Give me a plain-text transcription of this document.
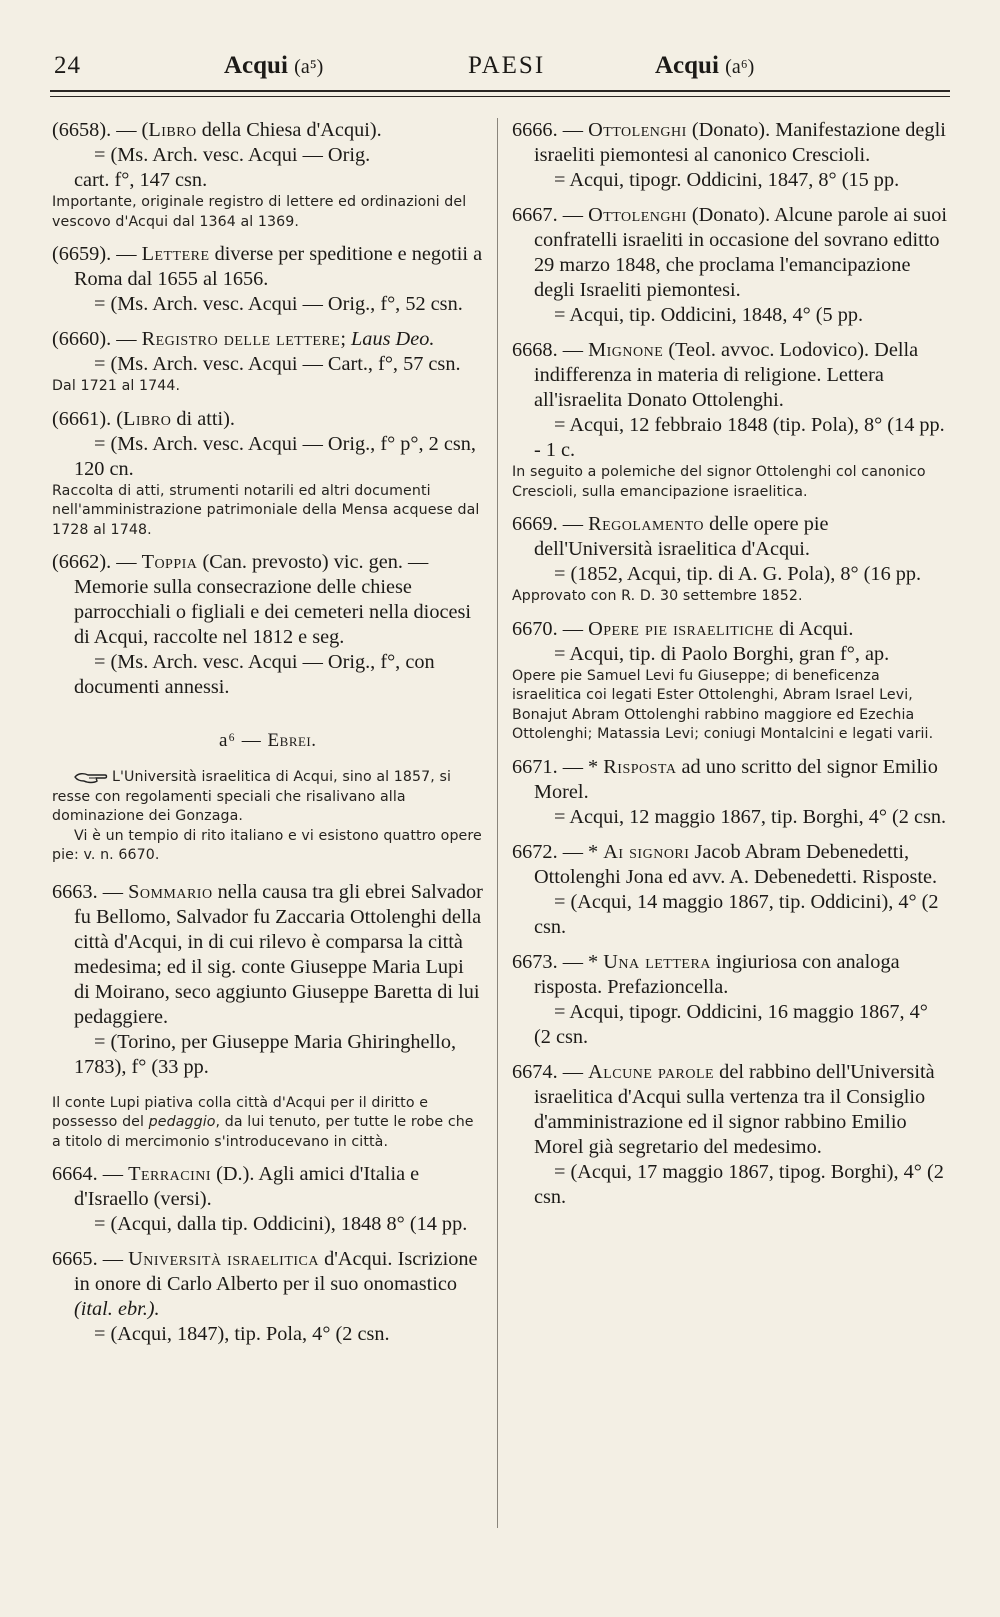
24	Acqui (a⁵)	PAESI	Acqui (a⁶)

(6658). — (Libro della Chiesa d'Acqui).

= (Ms. Arch. vesc. Acqui — Orig.

cart. f°, 147 csn.

Importante, originale registro di lettere ed ordinazioni del vescovo d'Acqui dal 1364 al 1369.

(6659). — Lettere diverse per speditione e negotii a Roma dal 1655 al 1656.

= (Ms. Arch. vesc. Acqui — Orig., f°, 52 csn.

(6660). — Registro delle lettere; Laus Deo.

= (Ms. Arch. vesc. Acqui — Cart., f°, 57 csn.

Dal 1721 al 1744.

(6661). (Libro di atti).

= (Ms. Arch. vesc. Acqui — Orig., f° p°, 2 csn, 120 cn.

Raccolta di atti, strumenti notarili ed altri documenti nell'amministrazione patrimoniale della Mensa acquese dal 1728 al 1748.

(6662). — Toppia (Can. prevosto) vic. gen. — Memorie sulla consecrazione delle chiese parrocchiali o figliali e dei cemeteri nella diocesi di Acqui, raccolte nel 1812 e seg.

= (Ms. Arch. vesc. Acqui — Orig., f°, con documenti annessi.

a⁶ — Ebrei.

L'Università israelitica di Acqui, sino al 1857, si resse con regolamenti speciali che risalivano alla dominazione dei Gonzaga.

Vi è un tempio di rito italiano e vi esistono quattro opere pie: v. n. 6670.

6663. — Sommario nella causa tra gli ebrei Salvador fu Bellomo, Salvador fu Zaccaria Ottolenghi della città d'Acqui, in di cui rilevo è comparsa la città medesima; ed il sig. conte Giuseppe Maria Lupi di Moirano, seco aggiunto Giuseppe Baretta di lui pedaggiere.

= (Torino, per Giuseppe Maria Ghiringhello, 1783), f° (33 pp.

Il conte Lupi piativa colla città d'Acqui per il diritto e possesso del pedaggio, da lui tenuto, per tutte le robe che a titolo di mercimonio s'introducevano in città.

6664. — Terracini (D.). Agli amici d'Italia e d'Israello (versi).

= (Acqui, dalla tip. Oddicini), 1848 8° (14 pp.

6665. — Università israelitica d'Acqui. Iscrizione in onore di Carlo Alberto per il suo onomastico (ital. ebr.).

= (Acqui, 1847), tip. Pola, 4° (2 csn.

6666. — Ottolenghi (Donato). Manifestazione degli israeliti piemontesi al canonico Crescioli.

= Acqui, tipogr. Oddicini, 1847, 8° (15 pp.

6667. — Ottolenghi (Donato). Alcune parole ai suoi confratelli israeliti in occasione del sovrano editto 29 marzo 1848, che proclama l'emancipazione degli Israeliti piemontesi.

= Acqui, tip. Oddicini, 1848, 4° (5 pp.

6668. — Mignone (Teol. avvoc. Lodovico). Della indifferenza in materia di religione. Lettera all'israelita Donato Ottolenghi.

= Acqui, 12 febbraio 1848 (tip. Pola), 8° (14 pp. - 1 c.

In seguito a polemiche del signor Ottolenghi col canonico Crescioli, sulla emancipazione israelitica.

6669. — Regolamento delle opere pie dell'Università israelitica d'Acqui.

= (1852, Acqui, tip. di A. G. Pola), 8° (16 pp.

Approvato con R. D. 30 settembre 1852.

6670. — Opere pie israelitiche di Acqui.

= Acqui, tip. di Paolo Borghi, gran f°, ap.

Opere pie Samuel Levi fu Giuseppe; di beneficenza israelitica coi legati Ester Ottolenghi, Abram Israel Levi, Bonajut Abram Ottolenghi rabbino maggiore ed Ezechia Ottolenghi; Matassia Levi; coniugi Montalcini e legati varii.

6671. — * Risposta ad uno scritto del signor Emilio Morel.

= Acqui, 12 maggio 1867, tip. Borghi, 4° (2 csn.

6672. — * Ai signori Jacob Abram Debenedetti, Ottolenghi Jona ed avv. A. Debenedetti. Risposte.

= (Acqui, 14 maggio 1867, tip. Oddicini), 4° (2 csn.

6673. — * Una lettera ingiuriosa con analoga risposta. Prefazioncella.

= Acqui, tipogr. Oddicini, 16 maggio 1867, 4° (2 csn.

6674. — Alcune parole del rabbino dell'Università israelitica d'Acqui sulla vertenza tra il Consiglio d'amministrazione ed il signor rabbino Emilio Morel già segretario del medesimo.

= (Acqui, 17 maggio 1867, tipog. Borghi), 4° (2 csn.
